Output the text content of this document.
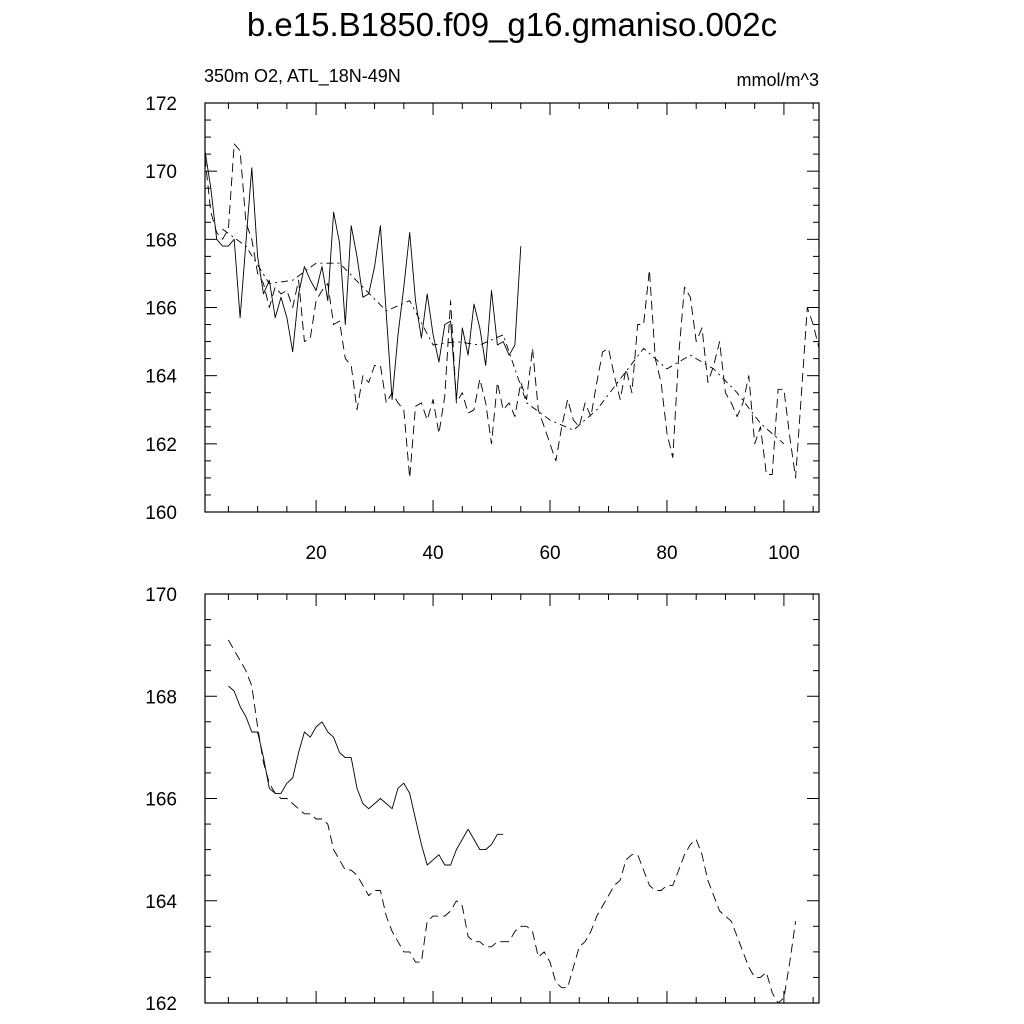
b.e15.B1850.f09_g16.gmaniso.002c
350m O2, ATL_18N-49N	mmol/m^3
160
162
164
166
168
170
172
20	40	60	80	100
162
164
166
168
170
